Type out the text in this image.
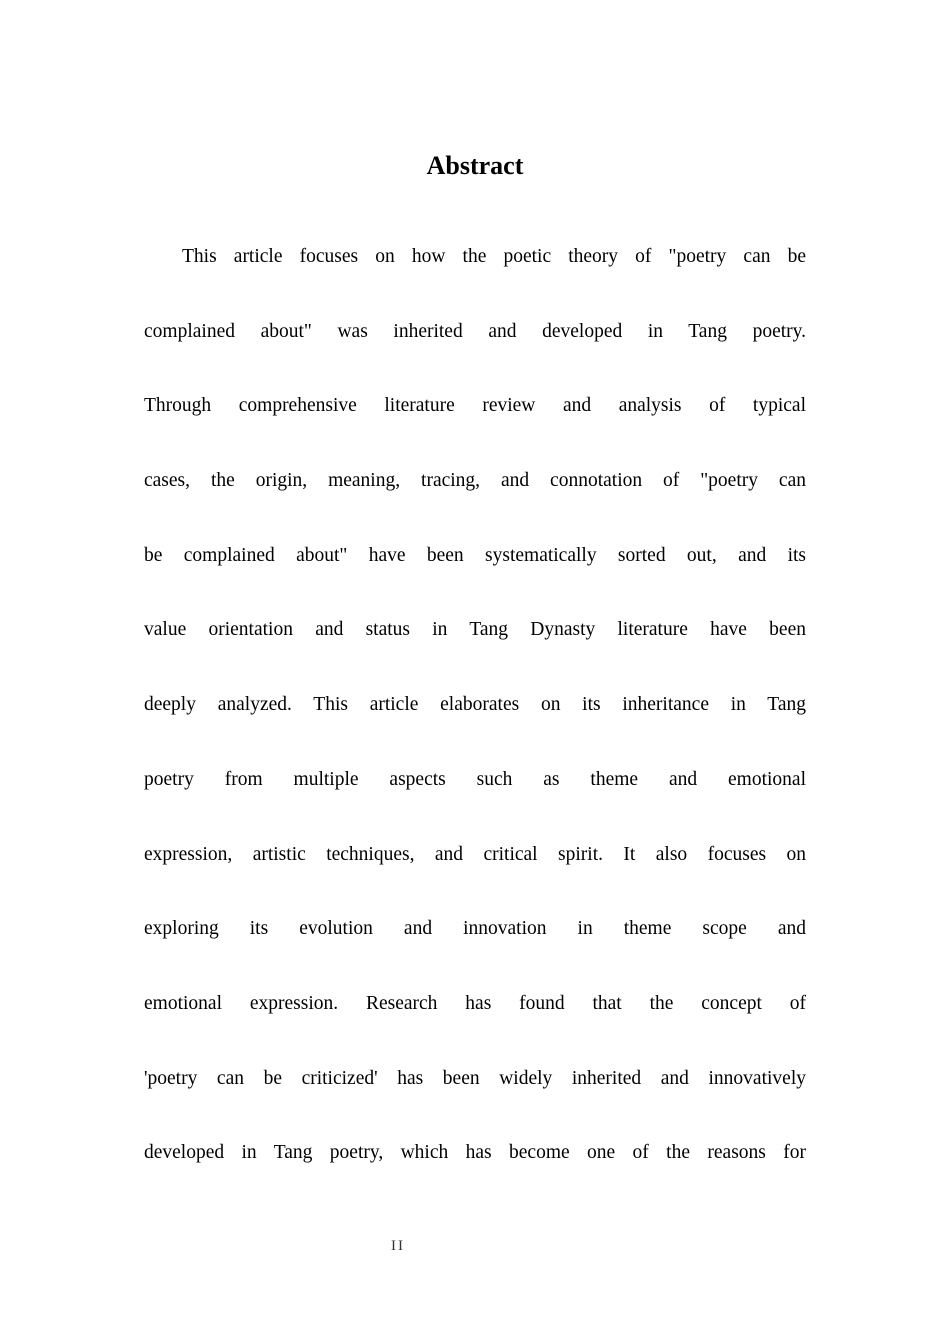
Abstract
This article focuses on how the poetic theory of "poetry can be
complained about" was inherited and developed in Tang poetry.
Through comprehensive literature review and analysis of typical
cases, the origin, meaning, tracing, and connotation of "poetry can
be complained about" have been systematically sorted out, and its
value orientation and status in Tang Dynasty literature have been
deeply analyzed. This article elaborates on its inheritance in Tang
poetry from multiple aspects such as theme and emotional
expression, artistic techniques, and critical spirit. It also focuses on
exploring its evolution and innovation in theme scope and
emotional expression. Research has found that the concept of
'poetry can be criticized' has been widely inherited and innovatively
developed in Tang poetry, which has become one of the reasons for
II
